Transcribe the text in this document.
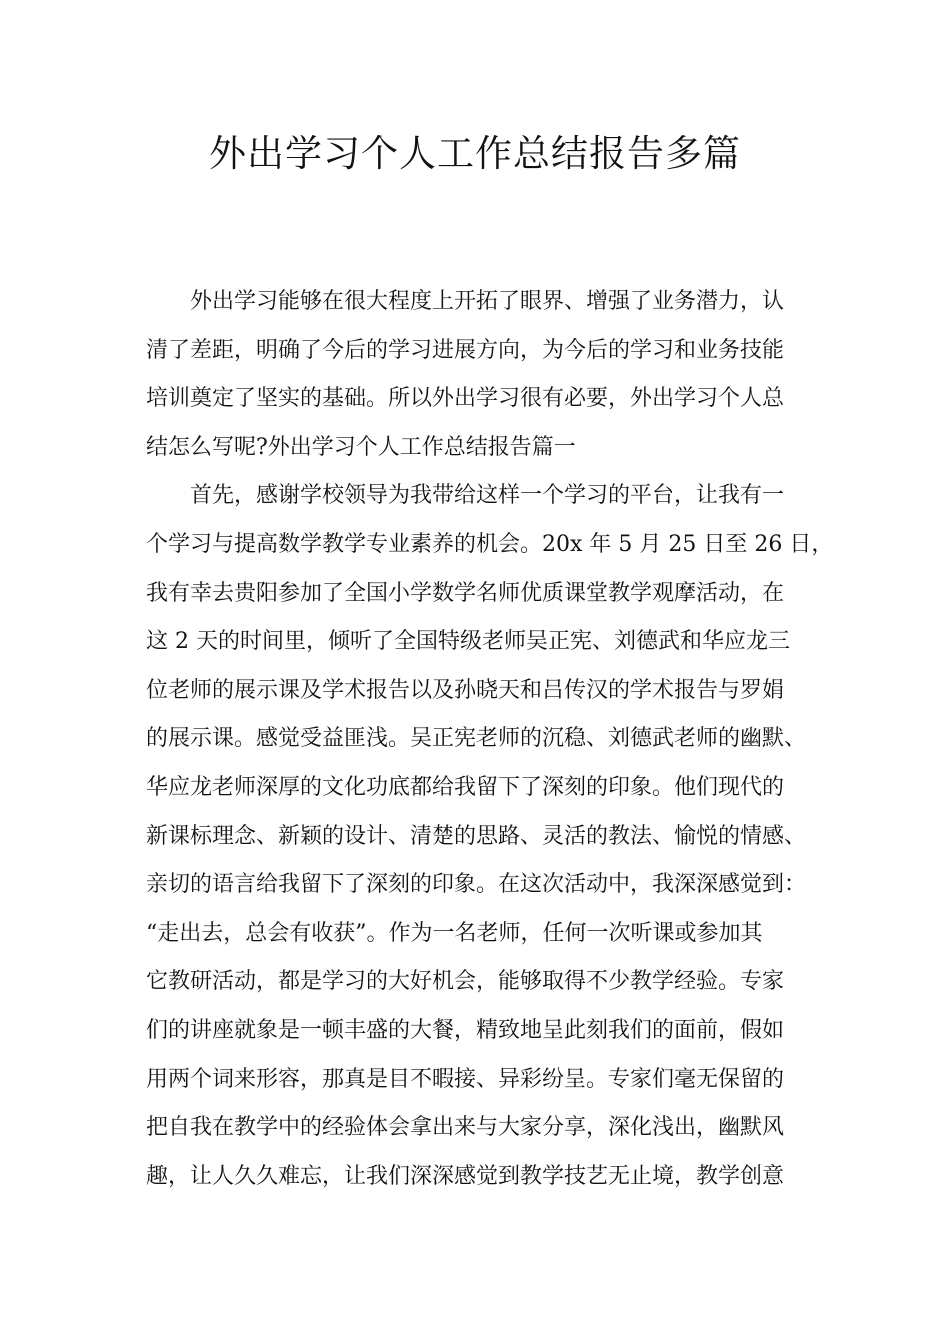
外出学习个人工作总结报告多篇
外出学习能够在很大程度上开拓了眼界、增强了业务潜力，认
清了差距，明确了今后的学习进展方向，为今后的学习和业务技能
培训奠定了坚实的基础。所以外出学习很有必要，外出学习个人总
结怎么写呢?外出学习个人工作总结报告篇一
首先，感谢学校领导为我带给这样一个学习的平台，让我有一
个学习与提高数学教学专业素养的机会。20x 年 5 月 25 日至 26 日，
我有幸去贵阳参加了全国小学数学名师优质课堂教学观摩活动，在
这 2 天的时间里，倾听了全国特级老师吴正宪、刘德武和华应龙三
位老师的展示课及学术报告以及孙晓天和吕传汉的学术报告与罗娟
的展示课。感觉受益匪浅。吴正宪老师的沉稳、刘德武老师的幽默、
华应龙老师深厚的文化功底都给我留下了深刻的印象。他们现代的
新课标理念、新颖的设计、清楚的思路、灵活的教法、愉悦的情感、
亲切的语言给我留下了深刻的印象。在这次活动中，我深深感觉到：
“走出去，总会有收获”。作为一名老师，任何一次听课或参加其
它教研活动，都是学习的大好机会，能够取得不少教学经验。专家
们的讲座就象是一顿丰盛的大餐，精致地呈此刻我们的面前，假如
用两个词来形容，那真是目不暇接、异彩纷呈。专家们毫无保留的
把自我在教学中的经验体会拿出来与大家分享，深化浅出，幽默风
趣，让人久久难忘，让我们深深感觉到教学技艺无止境，教学创意
